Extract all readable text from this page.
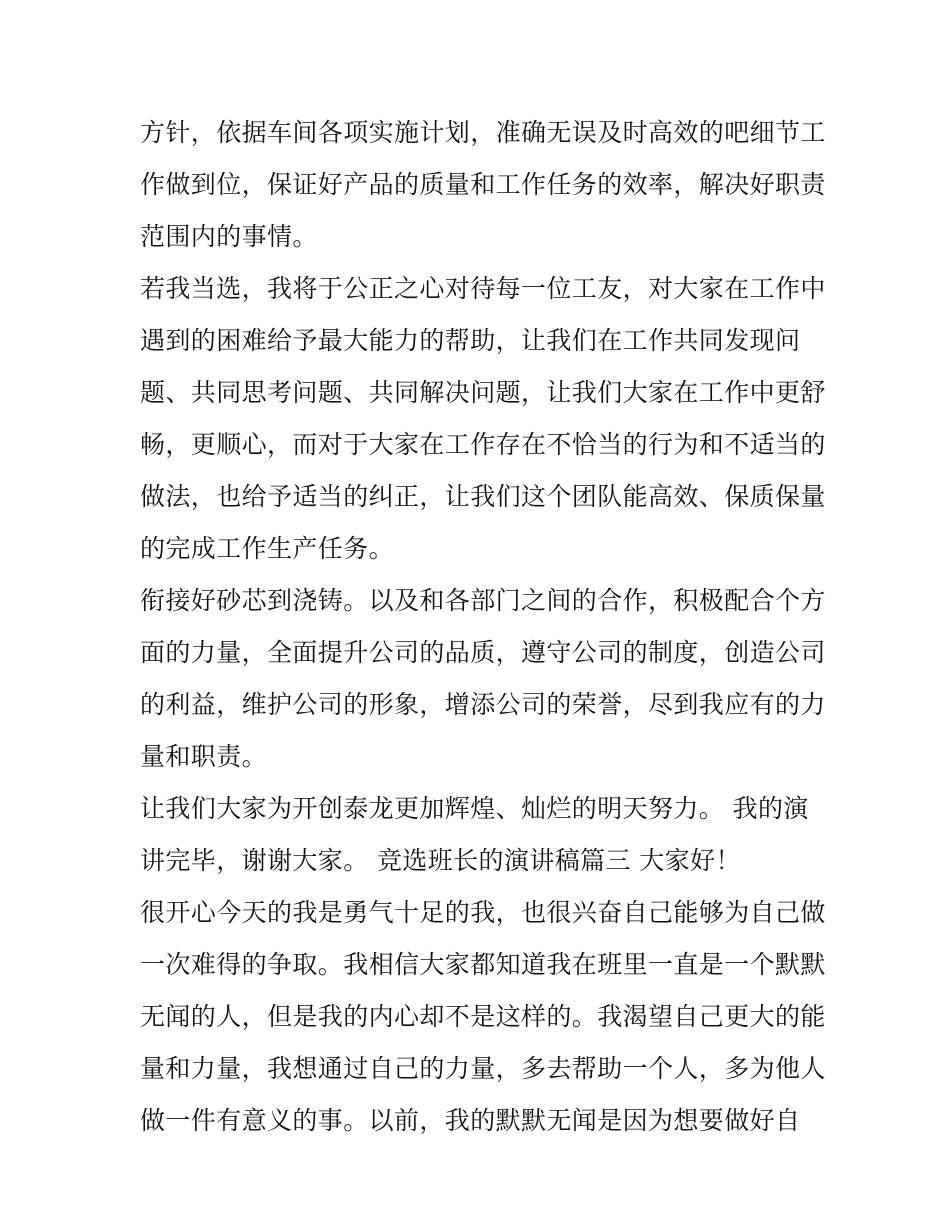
方针，依据车间各项实施计划，准确无误及时高效的吧细节工
作做到位，保证好产品的质量和工作任务的效率，解决好职责
范围内的事情。
若我当选，我将于公正之心对待每一位工友，对大家在工作中
遇到的困难给予最大能力的帮助，让我们在工作共同发现问
题、共同思考问题、共同解决问题，让我们大家在工作中更舒
畅，更顺心，而对于大家在工作存在不恰当的行为和不适当的
做法，也给予适当的纠正，让我们这个团队能高效、保质保量
的完成工作生产任务。
衔接好砂芯到浇铸。以及和各部门之间的合作，积极配合个方
面的力量，全面提升公司的品质，遵守公司的制度，创造公司
的利益，维护公司的形象，增添公司的荣誉，尽到我应有的力
量和职责。
让我们大家为开创泰龙更加辉煌、灿烂的明天努力。 我的演
讲完毕，谢谢大家。 竞选班长的演讲稿篇三 大家好！
很开心今天的我是勇气十足的我，也很兴奋自己能够为自己做
一次难得的争取。我相信大家都知道我在班里一直是一个默默
无闻的人，但是我的内心却不是这样的。我渴望自己更大的能
量和力量，我想通过自己的力量，多去帮助一个人，多为他人
做一件有意义的事。以前，我的默默无闻是因为想要做好自
